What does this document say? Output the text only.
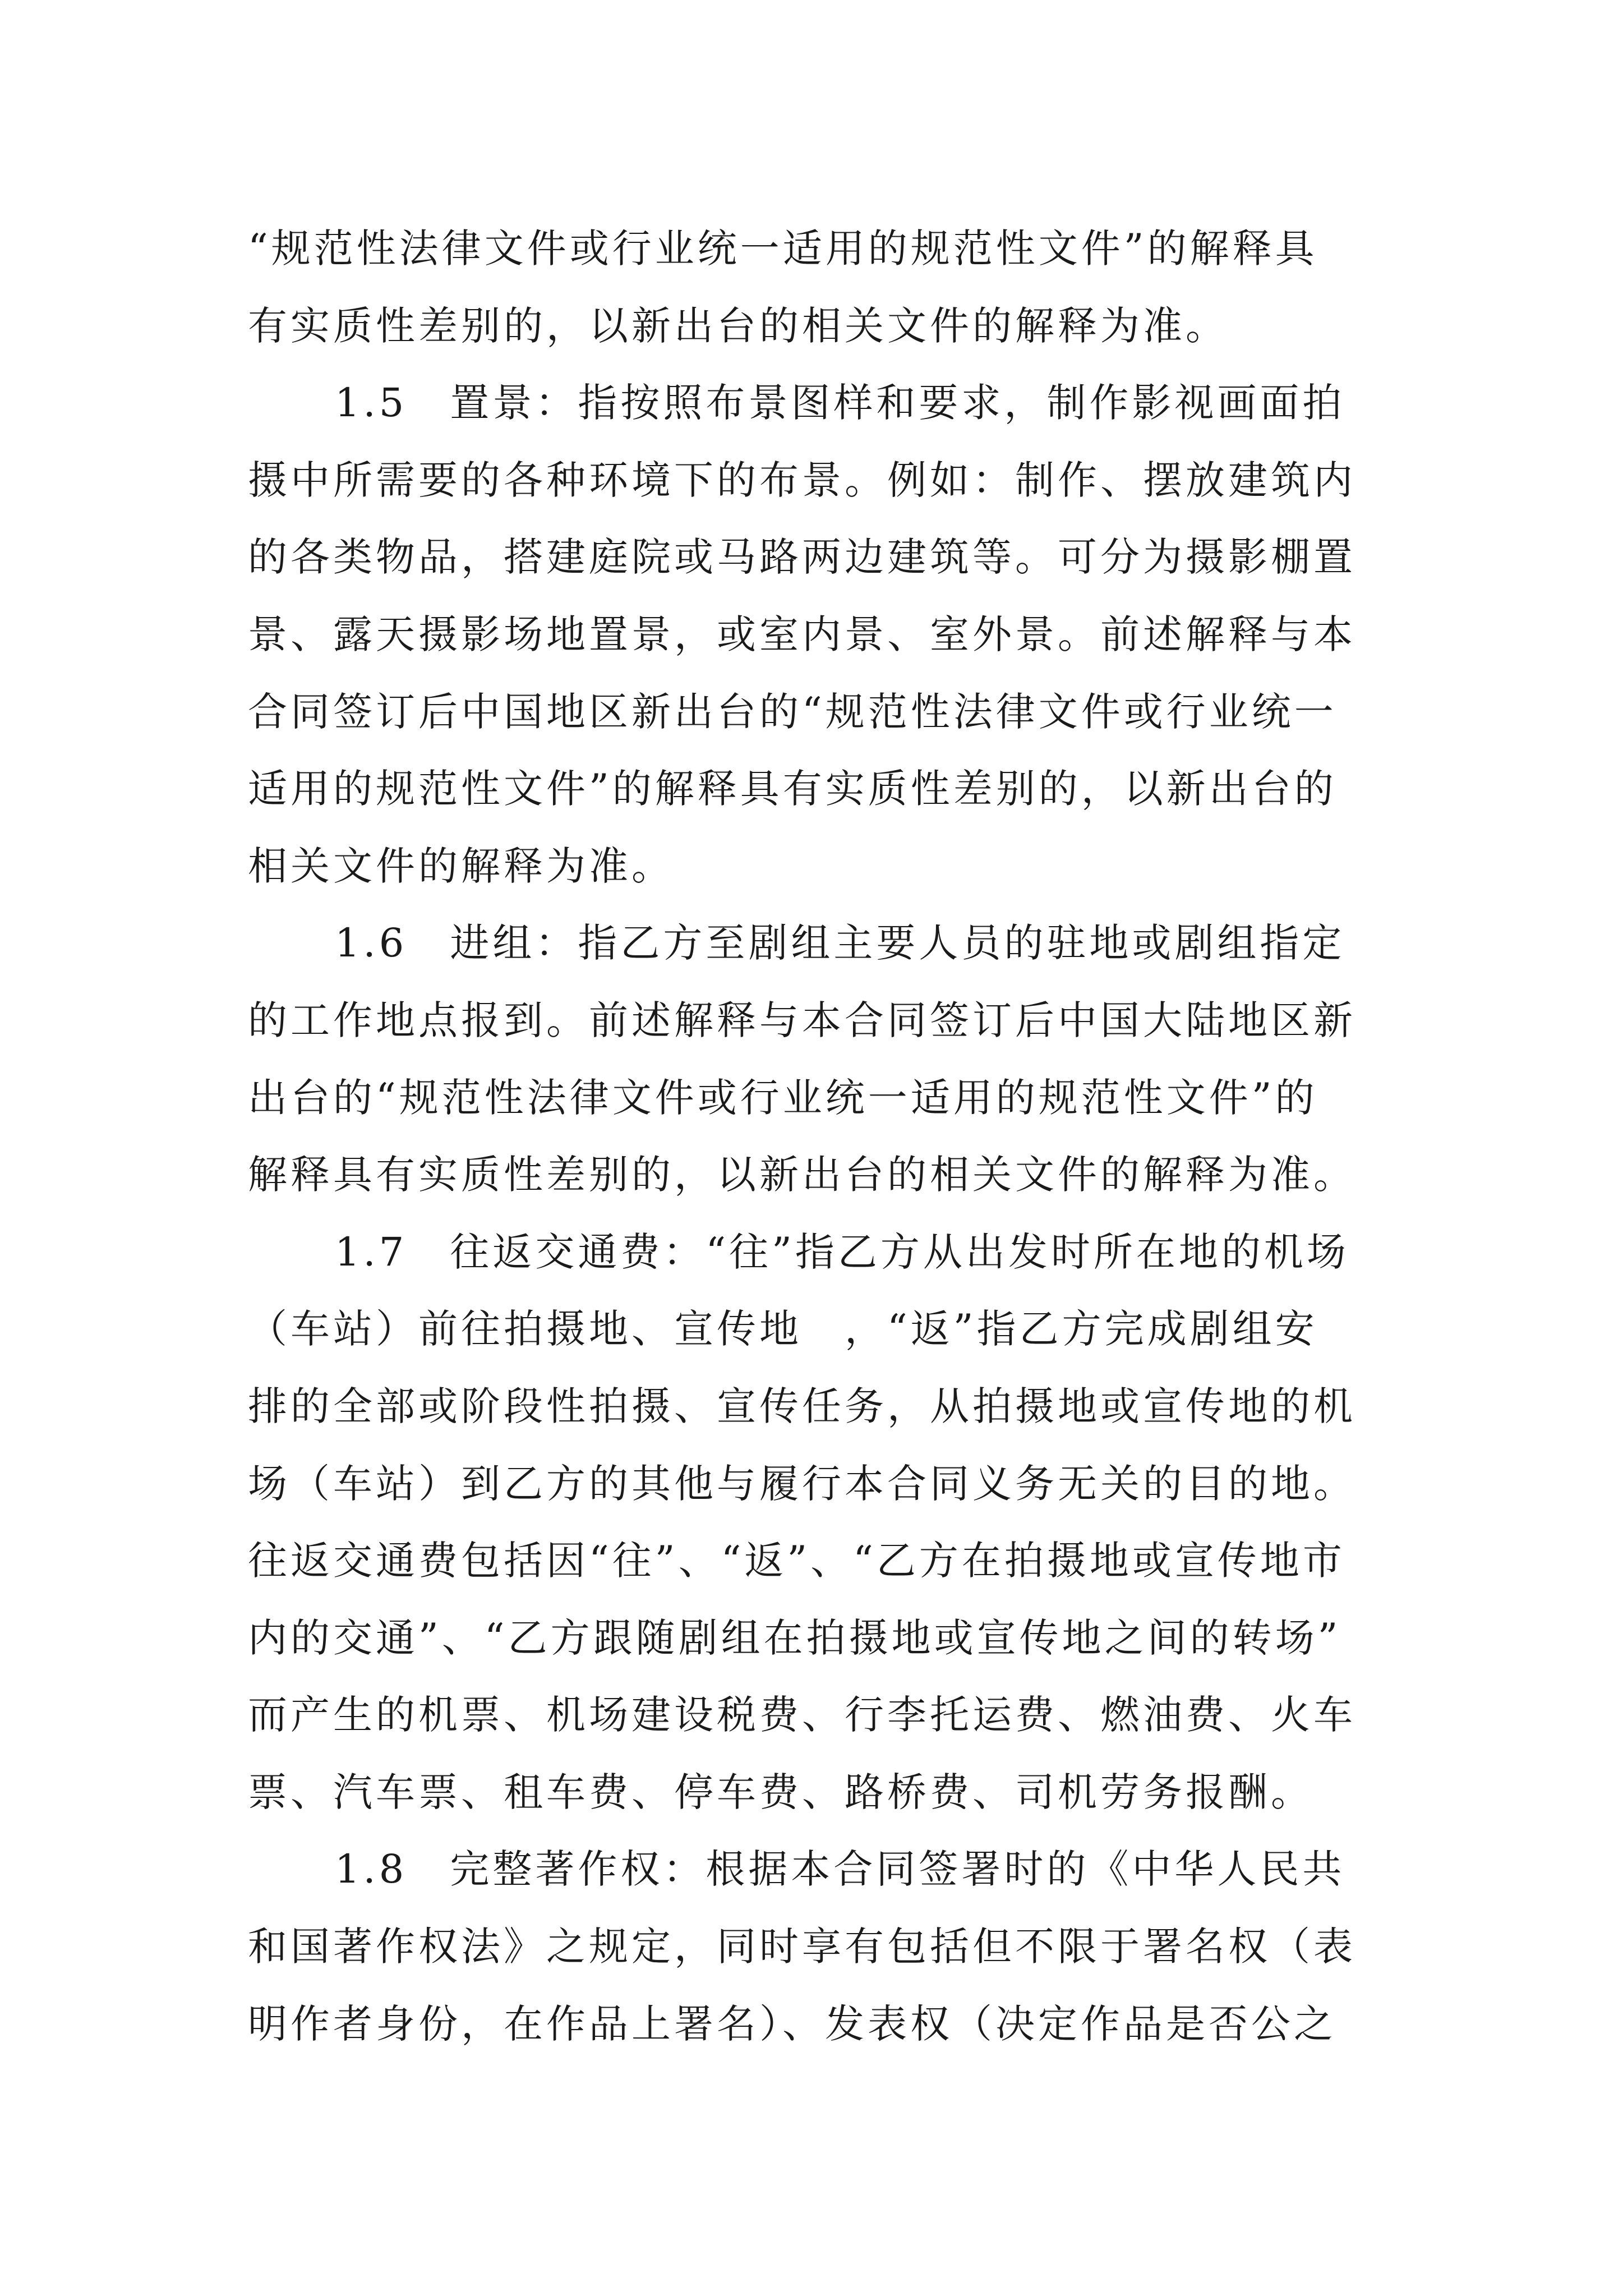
“规范性法律文件或行业统一适用的规范性文件”的解释具
有实质性差别的，以新出台的相关文件的解释为准。
1.5　置景：指按照布景图样和要求，制作影视画面拍
摄中所需要的各种环境下的布景。例如：制作、摆放建筑内
的各类物品，搭建庭院或马路两边建筑等。可分为摄影棚置
景、露天摄影场地置景，或室内景、室外景。前述解释与本
合同签订后中国地区新出台的“规范性法律文件或行业统一
适用的规范性文件”的解释具有实质性差别的，以新出台的
相关文件的解释为准。
1.6　进组：指乙方至剧组主要人员的驻地或剧组指定
的工作地点报到。前述解释与本合同签订后中国大陆地区新
出台的“规范性法律文件或行业统一适用的规范性文件”的
解释具有实质性差别的，以新出台的相关文件的解释为准。
1.7　往返交通费：“往”指乙方从出发时所在地的机场
（车站）前往拍摄地、宣传地　，“返”指乙方完成剧组安
排的全部或阶段性拍摄、宣传任务，从拍摄地或宣传地的机
场（车站）到乙方的其他与履行本合同义务无关的目的地。
往返交通费包括因“往”、“返”、“乙方在拍摄地或宣传地市
内的交通”、“乙方跟随剧组在拍摄地或宣传地之间的转场”
而产生的机票、机场建设税费、行李托运费、燃油费、火车
票、汽车票、租车费、停车费、路桥费、司机劳务报酬。
1.8　完整著作权：根据本合同签署时的《中华人民共
和国著作权法》之规定，同时享有包括但不限于署名权（表
明作者身份，在作品上署名）、发表权（决定作品是否公之
